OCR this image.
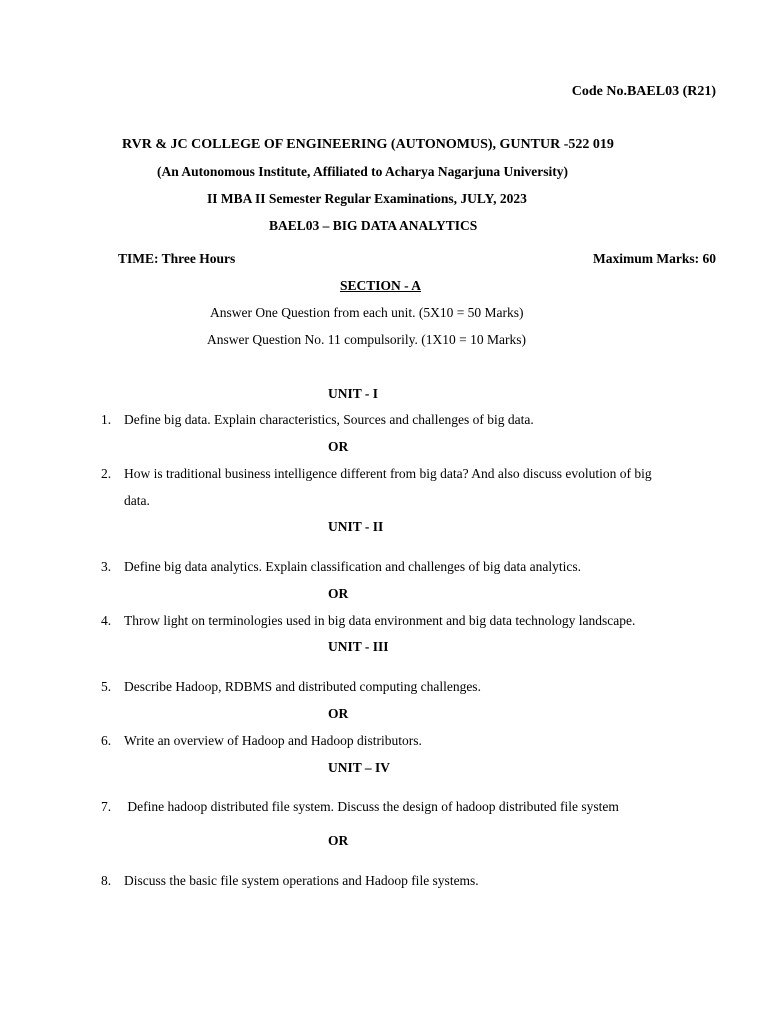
Code No.BAEL03 (R21)
RVR & JC COLLEGE OF ENGINEERING (AUTONOMUS), GUNTUR -522 019
(An Autonomous Institute, Affiliated to Acharya Nagarjuna University)
II MBA II Semester Regular Examinations, JULY, 2023
BAEL03 – BIG DATA ANALYTICS
TIME: Three Hours	Maximum Marks: 60
SECTION - A
Answer One Question from each unit. (5X10 = 50 Marks)
Answer Question No. 11 compulsorily. (1X10 = 10 Marks)
UNIT - I
1. Define big data. Explain characteristics, Sources and challenges of big data.
OR
2. How is traditional business intelligence different from big data? And also discuss evolution of big
data.
UNIT - II
3. Define big data analytics. Explain classification and challenges of big data analytics.
OR
4. Throw light on terminologies used in big data environment and big data technology landscape.
UNIT - III
5. Describe Hadoop, RDBMS and distributed computing challenges.
OR
6. Write an overview of Hadoop and Hadoop distributors.
UNIT – IV
7. Define hadoop distributed file system. Discuss the design of hadoop distributed file system
OR
8. Discuss the basic file system operations and Hadoop file systems.
